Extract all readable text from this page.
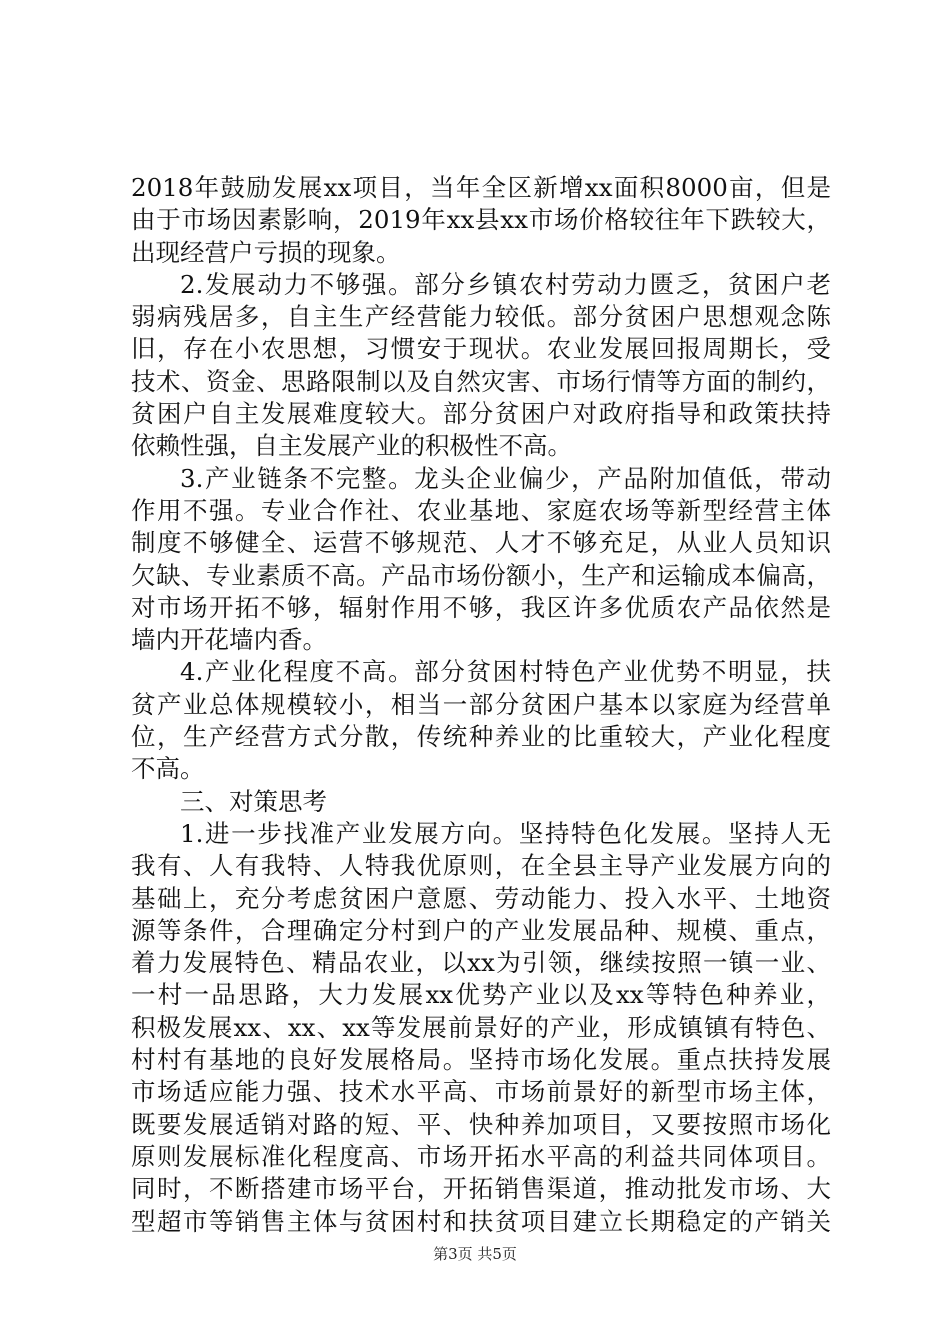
2018年鼓励发展xx项目，当年全区新增xx面积8000亩，但是
由于市场因素影响，2019年xx县xx市场价格较往年下跌较大，
出现经营户亏损的现象。
2.发展动力不够强。部分乡镇农村劳动力匮乏，贫困户老
弱病残居多，自主生产经营能力较低。部分贫困户思想观念陈
旧，存在小农思想，习惯安于现状。农业发展回报周期长，受
技术、资金、思路限制以及自然灾害、市场行情等方面的制约，
贫困户自主发展难度较大。部分贫困户对政府指导和政策扶持
依赖性强，自主发展产业的积极性不高。
3.产业链条不完整。龙头企业偏少，产品附加值低，带动
作用不强。专业合作社、农业基地、家庭农场等新型经营主体
制度不够健全、运营不够规范、人才不够充足，从业人员知识
欠缺、专业素质不高。产品市场份额小，生产和运输成本偏高，
对市场开拓不够，辐射作用不够，我区许多优质农产品依然是
墙内开花墙内香。
4.产业化程度不高。部分贫困村特色产业优势不明显，扶
贫产业总体规模较小，相当一部分贫困户基本以家庭为经营单
位，生产经营方式分散，传统种养业的比重较大，产业化程度
不高。
三、对策思考
1.进一步找准产业发展方向。坚持特色化发展。坚持人无
我有、人有我特、人特我优原则，在全县主导产业发展方向的
基础上，充分考虑贫困户意愿、劳动能力、投入水平、土地资
源等条件，合理确定分村到户的产业发展品种、规模、重点，
着力发展特色、精品农业，以xx为引领，继续按照一镇一业、
一村一品思路，大力发展xx优势产业以及xx等特色种养业，
积极发展xx、xx、xx等发展前景好的产业，形成镇镇有特色、
村村有基地的良好发展格局。坚持市场化发展。重点扶持发展
市场适应能力强、技术水平高、市场前景好的新型市场主体，
既要发展适销对路的短、平、快种养加项目，又要按照市场化
原则发展标准化程度高、市场开拓水平高的利益共同体项目。
同时，不断搭建市场平台，开拓销售渠道，推动批发市场、大
型超市等销售主体与贫困村和扶贫项目建立长期稳定的产销关
第3页 共5页
